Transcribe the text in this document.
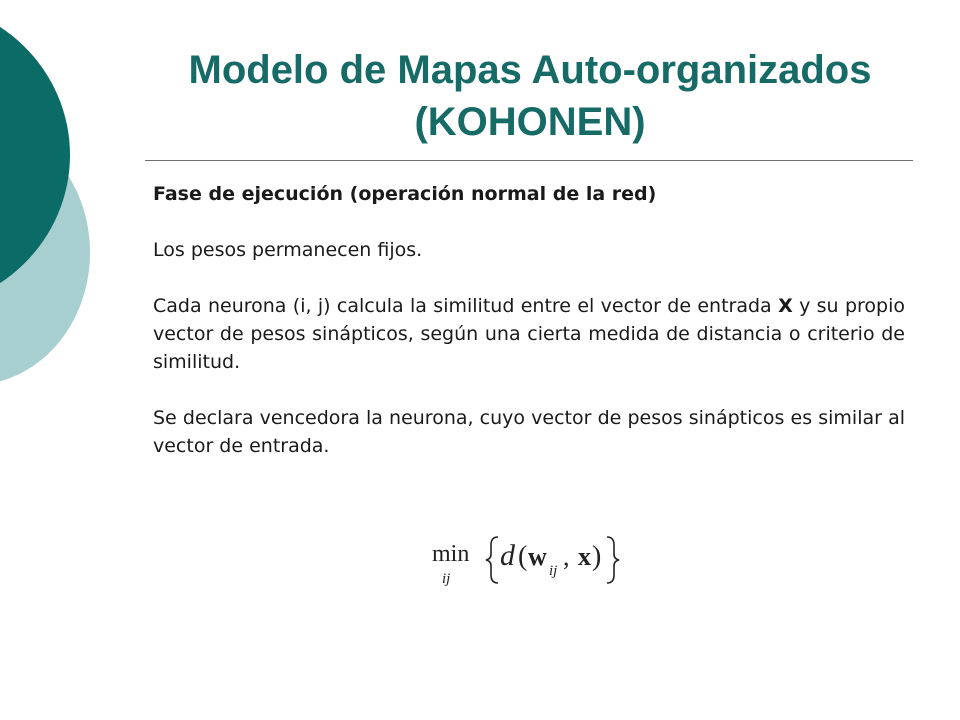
Modelo de Mapas Auto-organizados
(KOHONEN)

Fase de ejecución (operación normal de la red)

Los pesos permanecen fijos.

Cada neurona (i, j) calcula la similitud entre el vector de entrada X y su propio vector de pesos sinápticos, según una cierta medida de distancia o criterio de similitud.

Se declara vencedora la neurona, cuyo vector de pesos sinápticos es similar al vector de entrada.

min
ij
d ( w ij , x )
